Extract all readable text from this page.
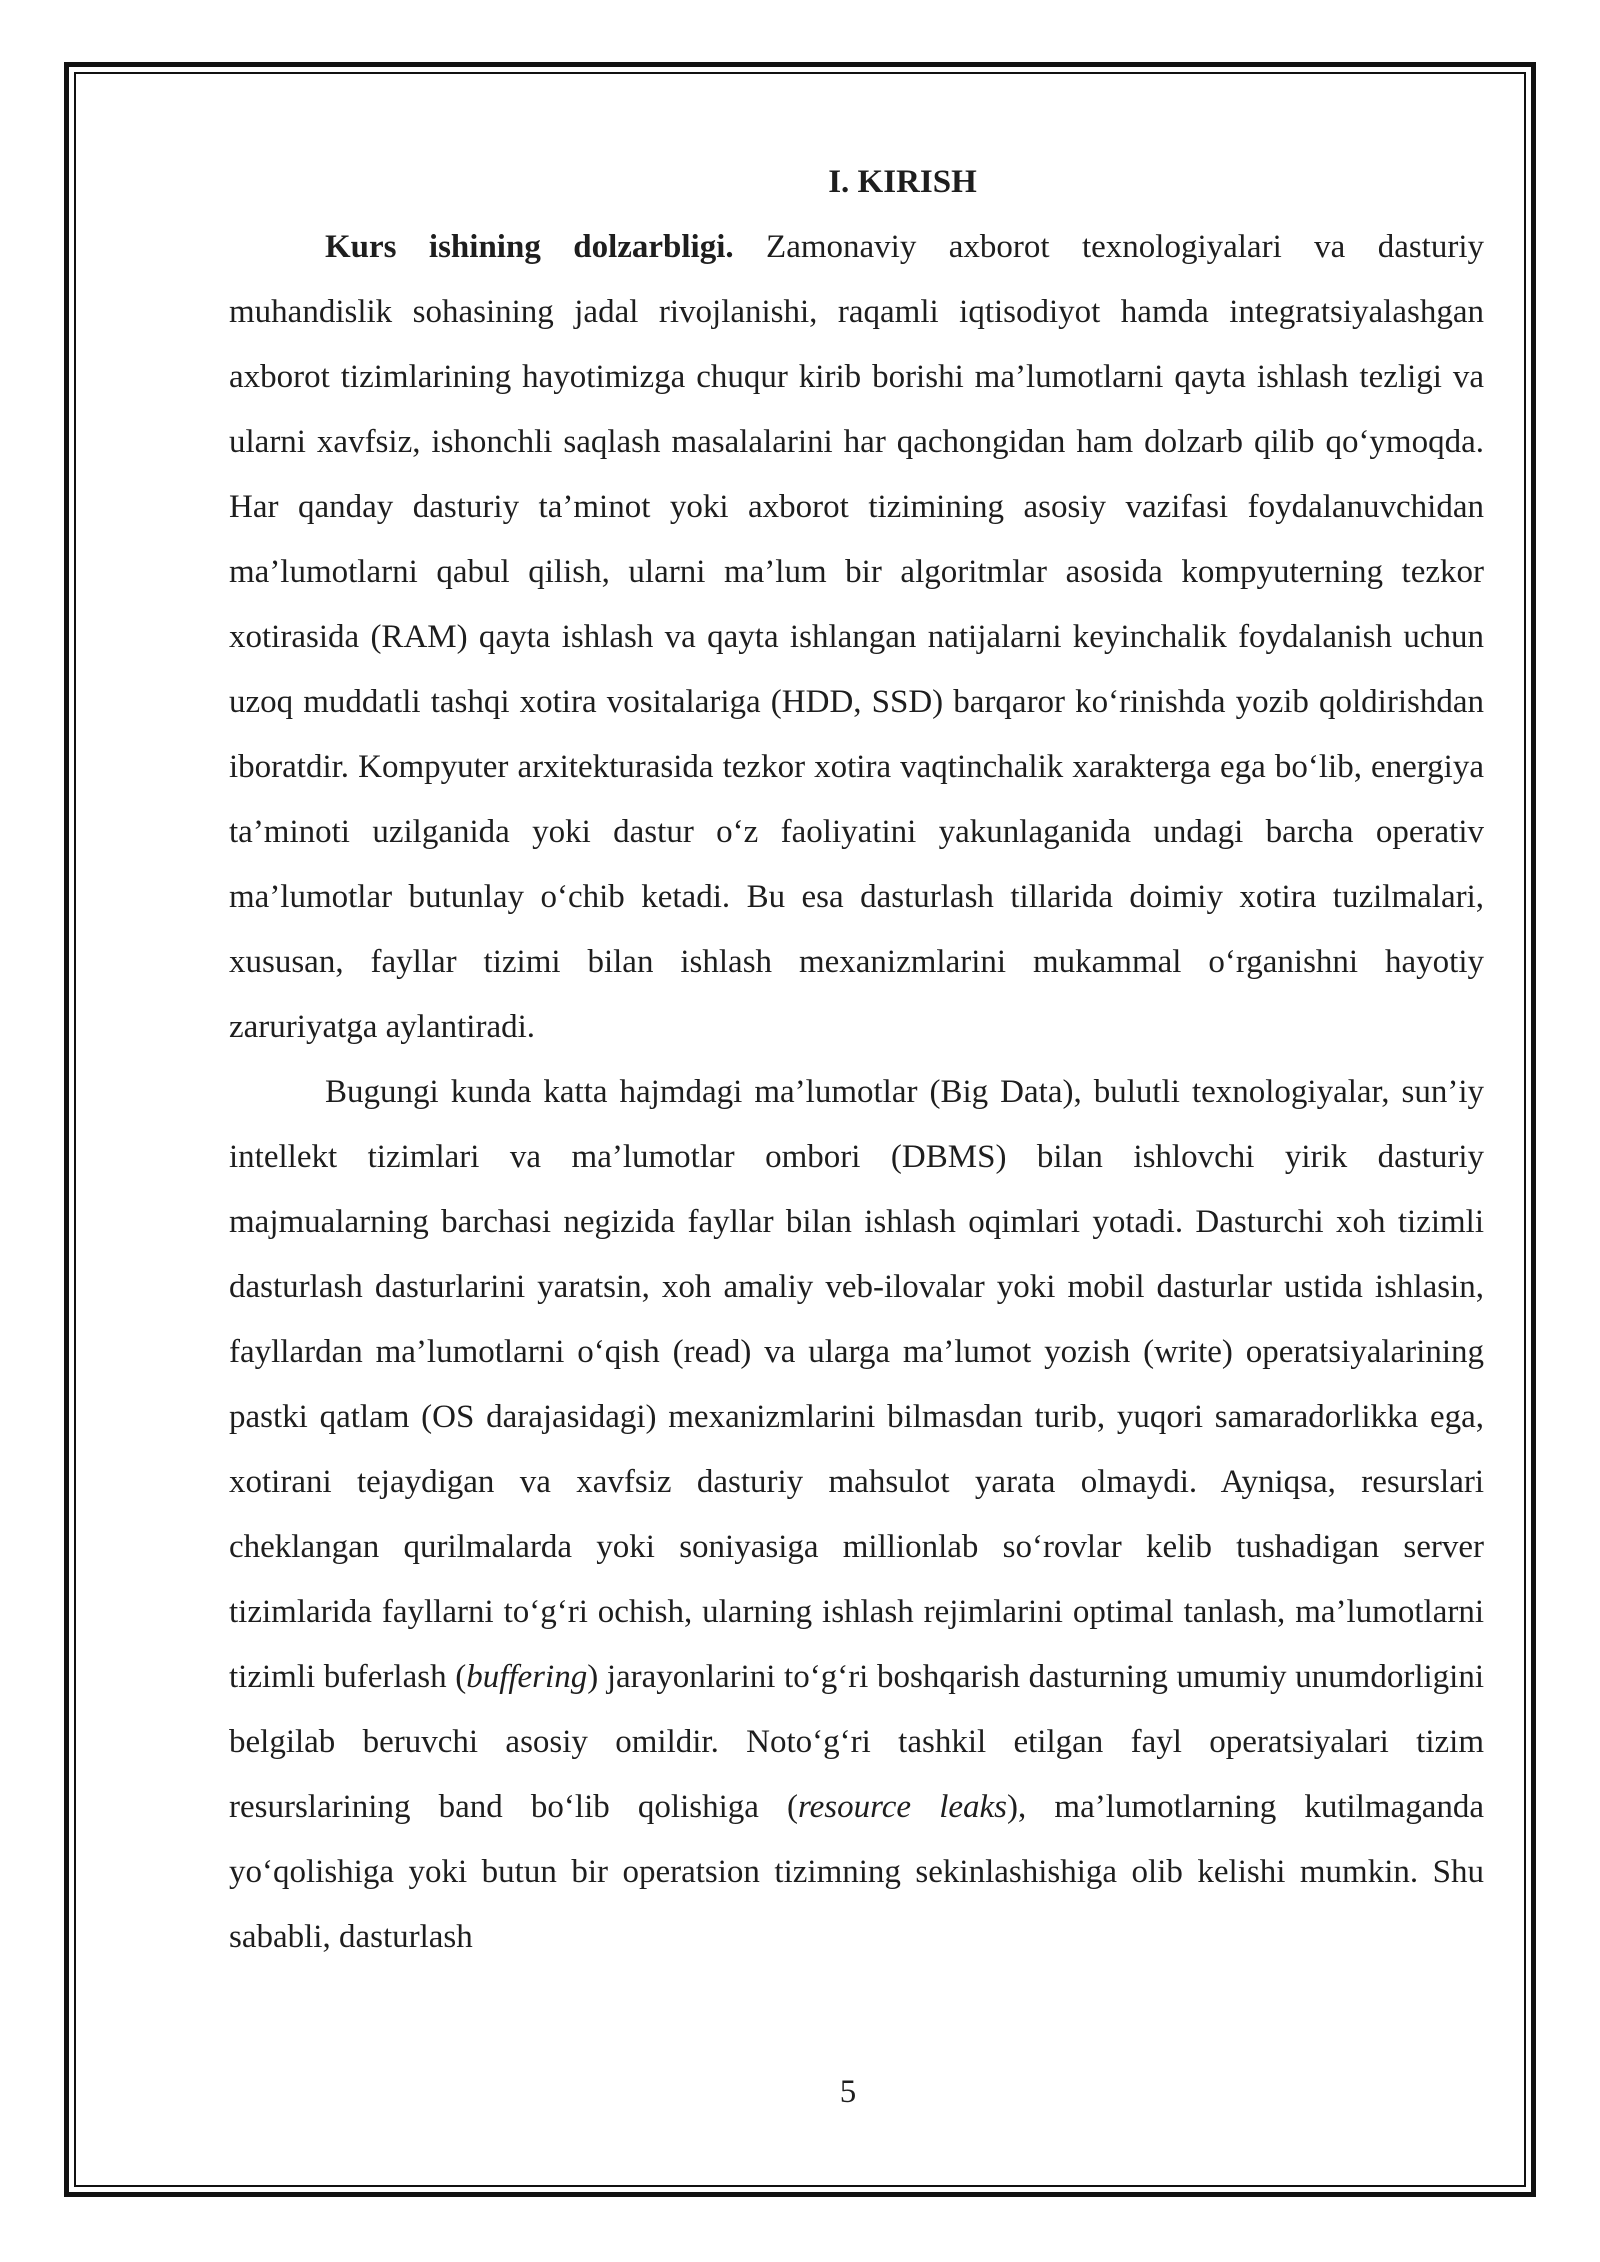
I. KIRISH

Kurs ishining dolzarbligi. Zamonaviy axborot texnologiyalari va dasturiy muhandislik sohasining jadal rivojlanishi, raqamli iqtisodiyot hamda integratsiyalashgan axborot tizimlarining hayotimizga chuqur kirib borishi ma’lumotlarni qayta ishlash tezligi va ularni xavfsiz, ishonchli saqlash masalalarini har qachongidan ham dolzarb qilib qo‘ymoqda. Har qanday dasturiy ta’minot yoki axborot tizimining asosiy vazifasi foydalanuvchidan ma’lumotlarni qabul qilish, ularni ma’lum bir algoritmlar asosida kompyuterning tezkor xotirasida (RAM) qayta ishlash va qayta ishlangan natijalarni keyinchalik foydalanish uchun uzoq muddatli tashqi xotira vositalariga (HDD, SSD) barqaror ko‘rinishda yozib qoldirishdan iboratdir. Kompyuter arxitekturasida tezkor xotira vaqtinchalik xarakterga ega bo‘lib, energiya ta’minoti uzilganida yoki dastur o‘z faoliyatini yakunlaganida undagi barcha operativ ma’lumotlar butunlay o‘chib ketadi. Bu esa dasturlash tillarida doimiy xotira tuzilmalari, xususan, fayllar tizimi bilan ishlash mexanizmlarini mukammal o‘rganishni hayotiy zaruriyatga aylantiradi.

Bugungi kunda katta hajmdagi ma’lumotlar (Big Data), bulutli texnologiyalar, sun’iy intellekt tizimlari va ma’lumotlar ombori (DBMS) bilan ishlovchi yirik dasturiy majmualarning barchasi negizida fayllar bilan ishlash oqimlari yotadi. Dasturchi xoh tizimli dasturlash dasturlarini yaratsin, xoh amaliy veb-ilovalar yoki mobil dasturlar ustida ishlasin, fayllardan ma’lumotlarni o‘qish (read) va ularga ma’lumot yozish (write) operatsiyalarining pastki qatlam (OS darajasidagi) mexanizmlarini bilmasdan turib, yuqori samaradorlikka ega, xotirani tejaydigan va xavfsiz dasturiy mahsulot yarata olmaydi. Ayniqsa, resurslari cheklangan qurilmalarda yoki soniyasiga millionlab so‘rovlar kelib tushadigan server tizimlarida fayllarni to‘g‘ri ochish, ularning ishlash rejimlarini optimal tanlash, ma’lumotlarni tizimli buferlash (buffering) jarayonlarini to‘g‘ri boshqarish dasturning umumiy unumdorligini belgilab beruvchi asosiy omildir. Noto‘g‘ri tashkil etilgan fayl operatsiyalari tizim resurslarining band bo‘lib qolishiga (resource leaks), ma’lumotlarning kutilmaganda yo‘qolishiga yoki butun bir operatsion tizimning sekinlashishiga olib kelishi mumkin. Shu sababli, dasturlash

5
